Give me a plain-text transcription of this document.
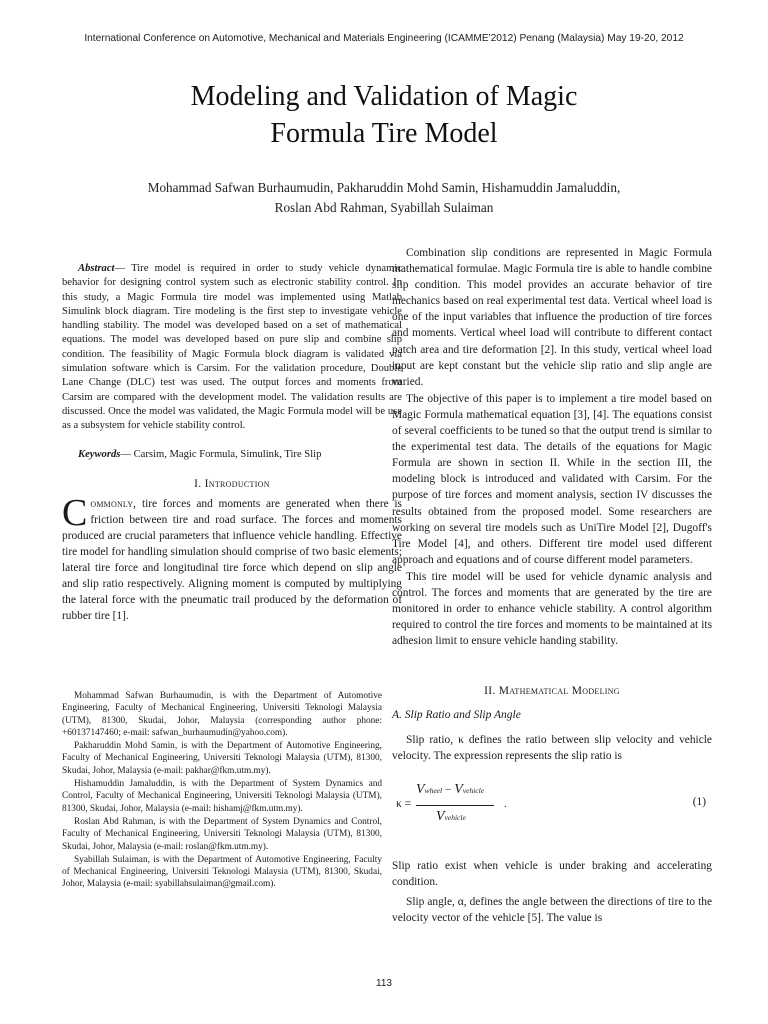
International Conference on Automotive, Mechanical and Materials Engineering (ICAMME'2012) Penang (Malaysia) May 19-20, 2012
Modeling and Validation of Magic
Formula Tire Model
Mohammad Safwan Burhaumudin, Pakharuddin Mohd Samin, Hishamuddin Jamaluddin,
Roslan Abd Rahman, Syabillah Sulaiman
Abstract— Tire model is required in order to study vehicle dynamic behavior for designing control system such as electronic stability control. In this study, a Magic Formula tire model was implemented using Matlab Simulink block diagram. Tire modeling is the first step to investigate vehicle handling stability. The model was developed based on a set of mathematical equations. The model was developed based on pure slip and combine slip condition. The feasibility of Magic Formula block diagram is validated via simulation software which is Carsim. For the validation procedure, Double Lane Change (DLC) test was used. The output forces and moments from Carsim are compared with the development model. The validation results are discussed. Once the model was validated, the Magic Formula model will be use as a subsystem for vehicle stability control.
Keywords— Carsim, Magic Formula, Simulink, Tire Slip
I. Introduction

Commonly, tire forces and moments are generated when there is friction between tire and road surface. The forces and moments produced are crucial parameters that influence vehicle handling. Effective tire model for handling simulation should comprise of two basic elements; lateral tire force and longitudinal tire force which depend on slip angle and slip ratio respectively. Aligning moment is computed by multiplying the lateral force with the pneumatic trail produced by the deformation of rubber tire [1].

Mohammad Safwan Burhaumudin, is with the Department of Automotive Engineering, Faculty of Mechanical Engineering, Universiti Teknologi Malaysia (UTM), 81300, Skudai, Johor, Malaysia (corresponding author phone: +60137147460; e-mail: safwan_burhaumudin@yahoo.com).

Pakharuddin Mohd Samin, is with the Department of Automotive Engineering, Faculty of Mechanical Engineering, Universiti Teknologi Malaysia (UTM), 81300, Skudai, Johor, Malaysia (e-mail: pakhar@fkm.utm.my).

Hishamuddin Jamaluddin, is with the Department of System Dynamics and Control, Faculty of Mechanical Engineering, Universiti Teknologi Malaysia (UTM), 81300, Skudai, Johor, Malaysia (e-mail: hishamj@fkm.utm.my).

Roslan Abd Rahman, is with the Department of System Dynamics and Control, Faculty of Mechanical Engineering, Universiti Teknologi Malaysia (UTM), 81300, Skudai, Johor, Malaysia (e-mail: roslan@fkm.utm.my).

Syabillah Sulaiman, is with the Department of Automotive Engineering, Faculty of Mechanical Engineering, Universiti Teknologi Malaysia (UTM), 81300, Skudai, Johor, Malaysia (e-mail: syabillahsulaiman@gmail.com).

Combination slip conditions are represented in Magic Formula mathematical formulae. Magic Formula tire is able to handle combine slip condition. This model provides an accurate behavior of tire mechanics based on real experimental test data. Vertical wheel load is one of the input variables that influence the production of tire forces and moments. Vertical wheel load will contribute to different contact patch area and tire deformation [2]. In this study, vertical wheel load input are kept constant but the vehicle slip ratio and slip angle are varied.

The objective of this paper is to implement a tire model based on Magic Formula mathematical equation [3], [4]. The equations consist of several coefficients to be tuned so that the output trend is similar to the experimental test data. The details of the equations for Magic Formula are shown in section II. While in the section III, the modeling block is introduced and validated with Carsim. For the purpose of tire forces and moment analysis, section IV discusses the results obtained from the proposed model. Some researchers are working on several tire models such as UniTire Model [2], Dugoff's Tire Model [4], and others. Different tire model used different approach and equations and of course different model parameters.

This tire model will be used for vehicle dynamic analysis and control. The forces and moments that are generated by the tire are monitored in order to enhance vehicle stability. A control algorithm required to control the tire forces and moments to be maintained at its adhesion limit to ensure vehicle handing stability.

II. Mathematical Modeling
A. Slip Ratio and Slip Angle

Slip ratio, κ defines the ratio between slip velocity and vehicle velocity. The expression represents the slip ratio is

κ =
Vwheel − Vvehicle
Vvehicle
.	(1)

Slip ratio exist when vehicle is under braking and accelerating condition.

Slip angle, α, defines the angle between the directions of tire to the velocity vector of the vehicle [5]. The value is

113
